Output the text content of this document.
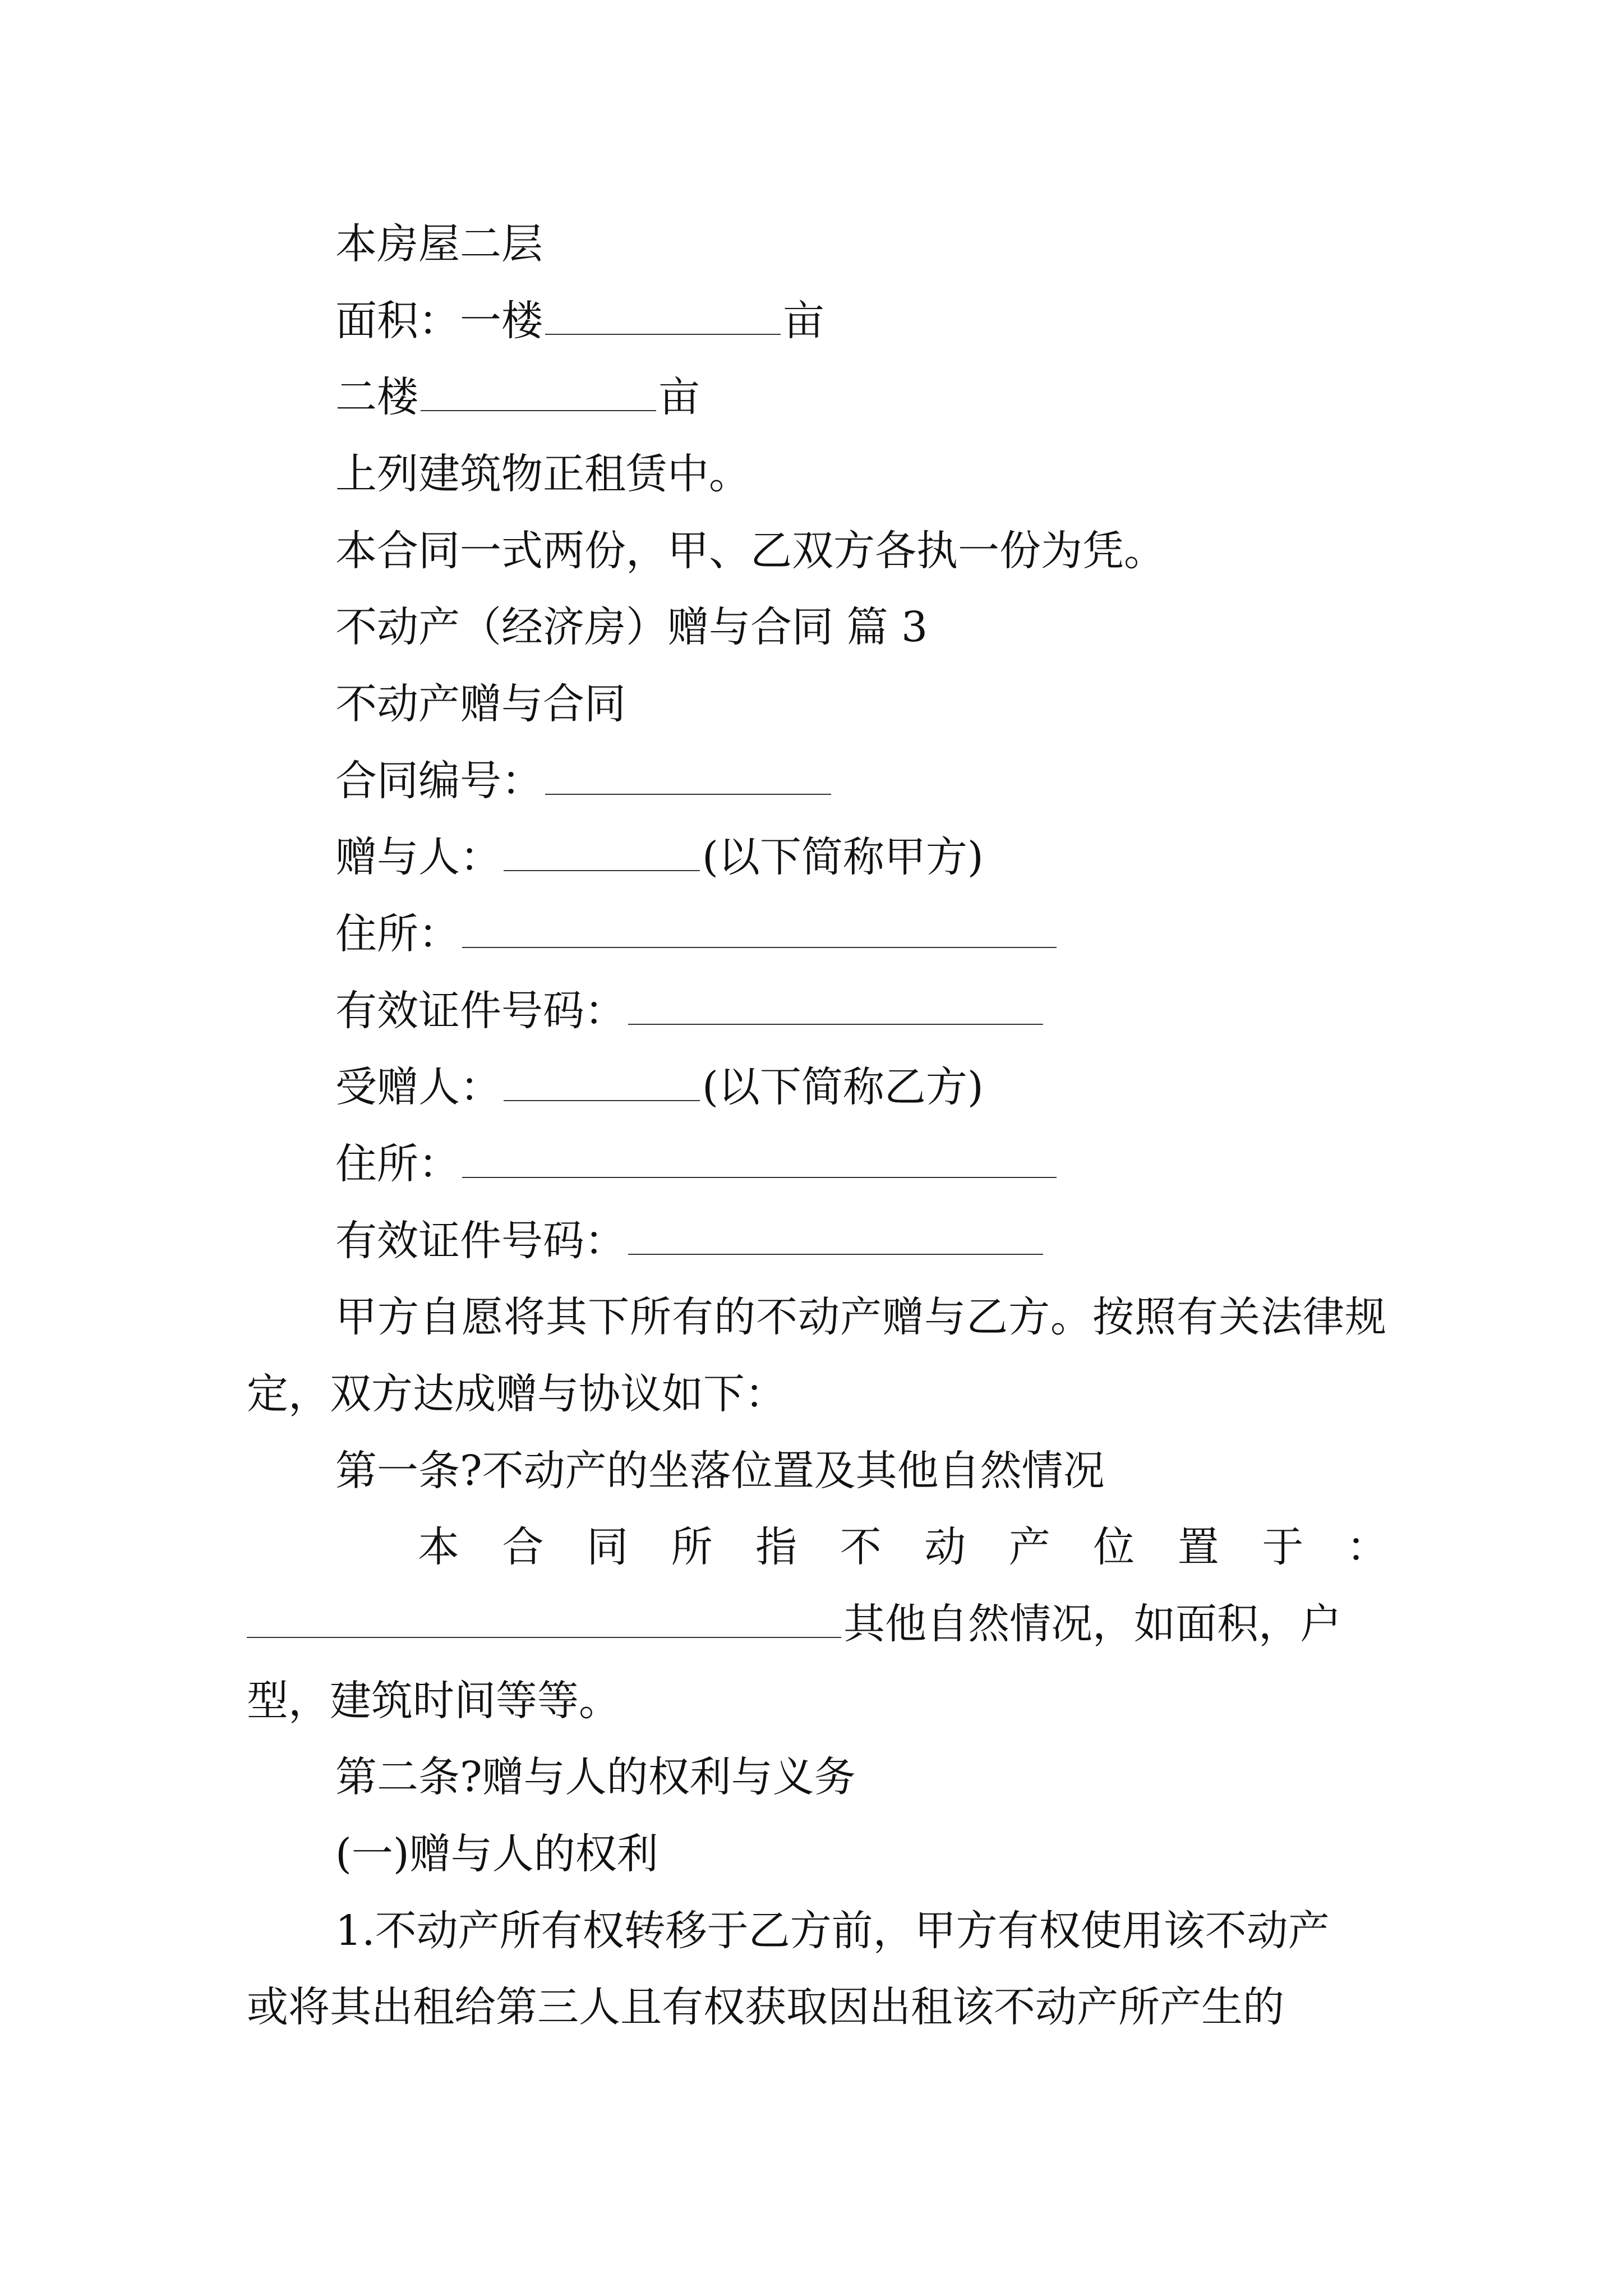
本房屋二层
面积：一楼	亩
二楼	亩
上列建筑物正租赁中。
本合同一式两份，甲、乙双方各执一份为凭。
不动产（经济房）赠与合同 篇 3
不动产赠与合同
合同编号：
赠与人：	(以下简称甲方)
住所：
有效证件号码：
受赠人：	(以下简称乙方)
住所：
有效证件号码：
甲方自愿将其下所有的不动产赠与乙方。按照有关法律规
定，双方达成赠与协议如下：
第一条?不动产的坐落位置及其他自然情况
本 合 同 所 指 不 动 产 位 置 于 ：
其他自然情况，如面积，户
型，建筑时间等等。
第二条?赠与人的权利与义务
(一)赠与人的权利
1.不动产所有权转移于乙方前，甲方有权使用该不动产
或将其出租给第三人且有权获取因出租该不动产所产生的
